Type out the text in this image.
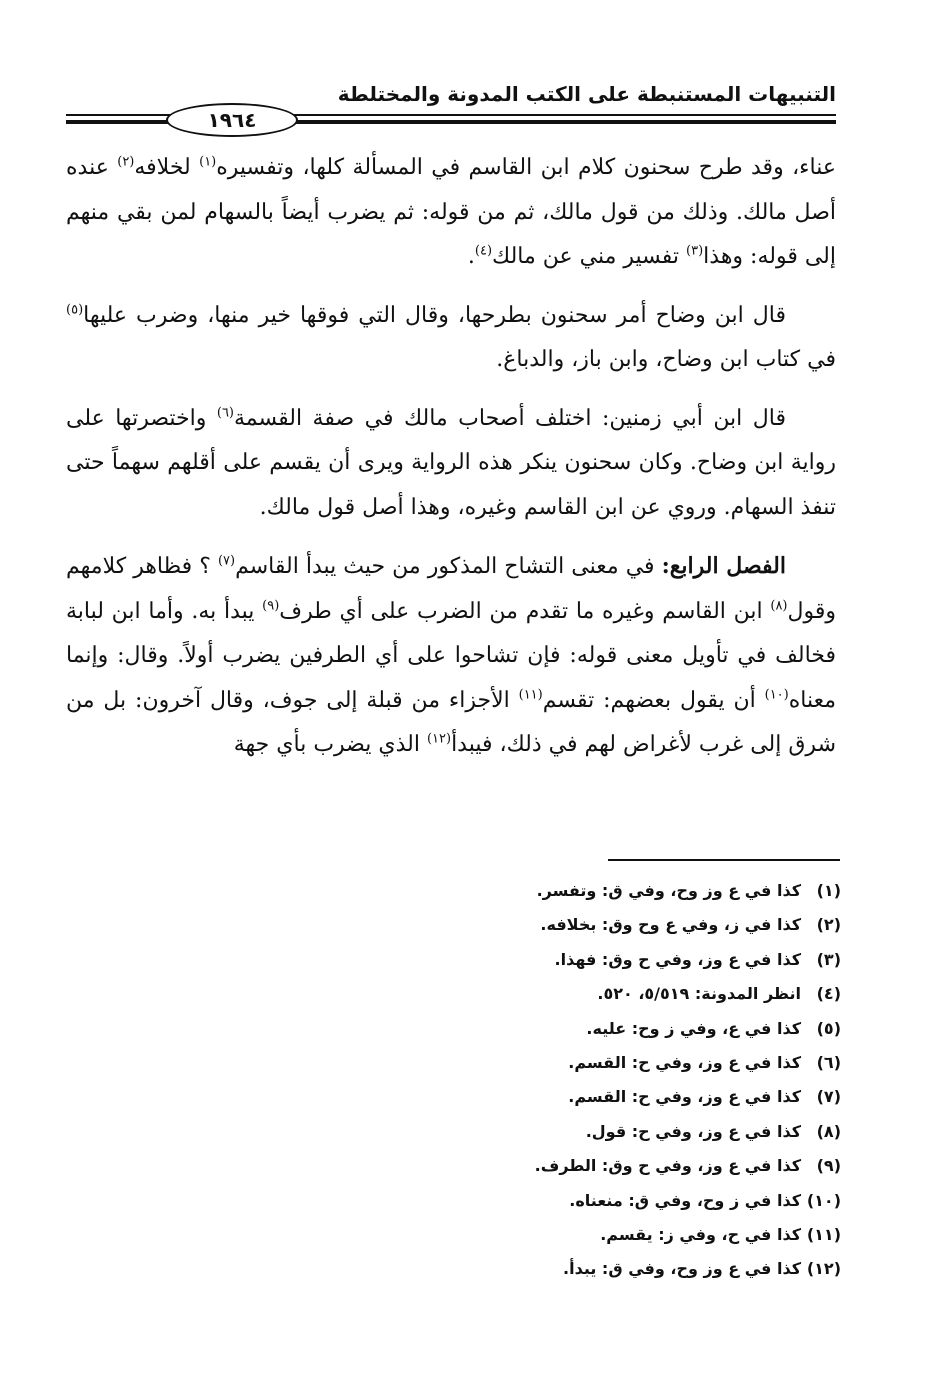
التنبيهات المستنبطة على الكتب المدونة والمختلطة
١٩٦٤

عناء، وقد طرح سحنون كلام ابن القاسم في المسألة كلها، وتفسيره$^{(١)}$ لخلافه$^{(٢)}$ عنده أصل مالك. وذلك من قول مالك، ثم من قوله: ثم يضرب أيضاً بالسهام لمن بقي منهم إلى قوله: وهذا$^{(٣)}$ تفسير مني عن مالك$^{(٤)}$.

قال ابن وضاح أمر سحنون بطرحها، وقال التي فوقها خير منها، وضرب عليها$^{(٥)}$ في كتاب ابن وضاح، وابن باز، والدباغ.

قال ابن أبي زمنين: اختلف أصحاب مالك في صفة القسمة$^{(٦)}$ واختصرتها على رواية ابن وضاح. وكان سحنون ينكر هذه الرواية ويرى أن يقسم على أقلهم سهماً حتى تنفذ السهام. وروي عن ابن القاسم وغيره، وهذا أصل قول مالك.

الفصل الرابع: في معنى التشاح المذكور من حيث يبدأ القاسم$^{(٧)}$ ؟ فظاهر كلامهم وقول$^{(٨)}$ ابن القاسم وغيره ما تقدم من الضرب على أي طرف$^{(٩)}$ يبدأ به. وأما ابن لبابة فخالف في تأويل معنى قوله: فإن تشاحوا على أي الطرفين يضرب أولاً. وقال: وإنما معناه$^{(١٠)}$ أن يقول بعضهم: تقسم$^{(١١)}$ الأجزاء من قبلة إلى جوف، وقال آخرون: بل من شرق إلى غرب لأغراض لهم في ذلك، فيبدأ$^{(١٢)}$ الذي يضرب بأي جهة

(١)كذا في ع وز وح، وفي ق: وتفسر.
(٢)كذا في ز، وفي ع وح وق: بخلافه.
(٣)كذا في ع وز، وفي ح وق: فهذا.
(٤)انظر المدونة: ٥/٥١٩، ٥٢٠.
(٥)كذا في ع، وفي ز وح: عليه.
(٦)كذا في ع وز، وفي ح: القسم.
(٧)كذا في ع وز، وفي ح: القسم.
(٨)كذا في ع وز، وفي ح: قول.
(٩)كذا في ع وز، وفي ح وق: الطرف.
(١٠)كذا في ز وح، وفي ق: منعناه.
(١١)كذا في ح، وفي ز: يقسم.
(١٢)كذا في ع وز وح، وفي ق: يبدأ.
